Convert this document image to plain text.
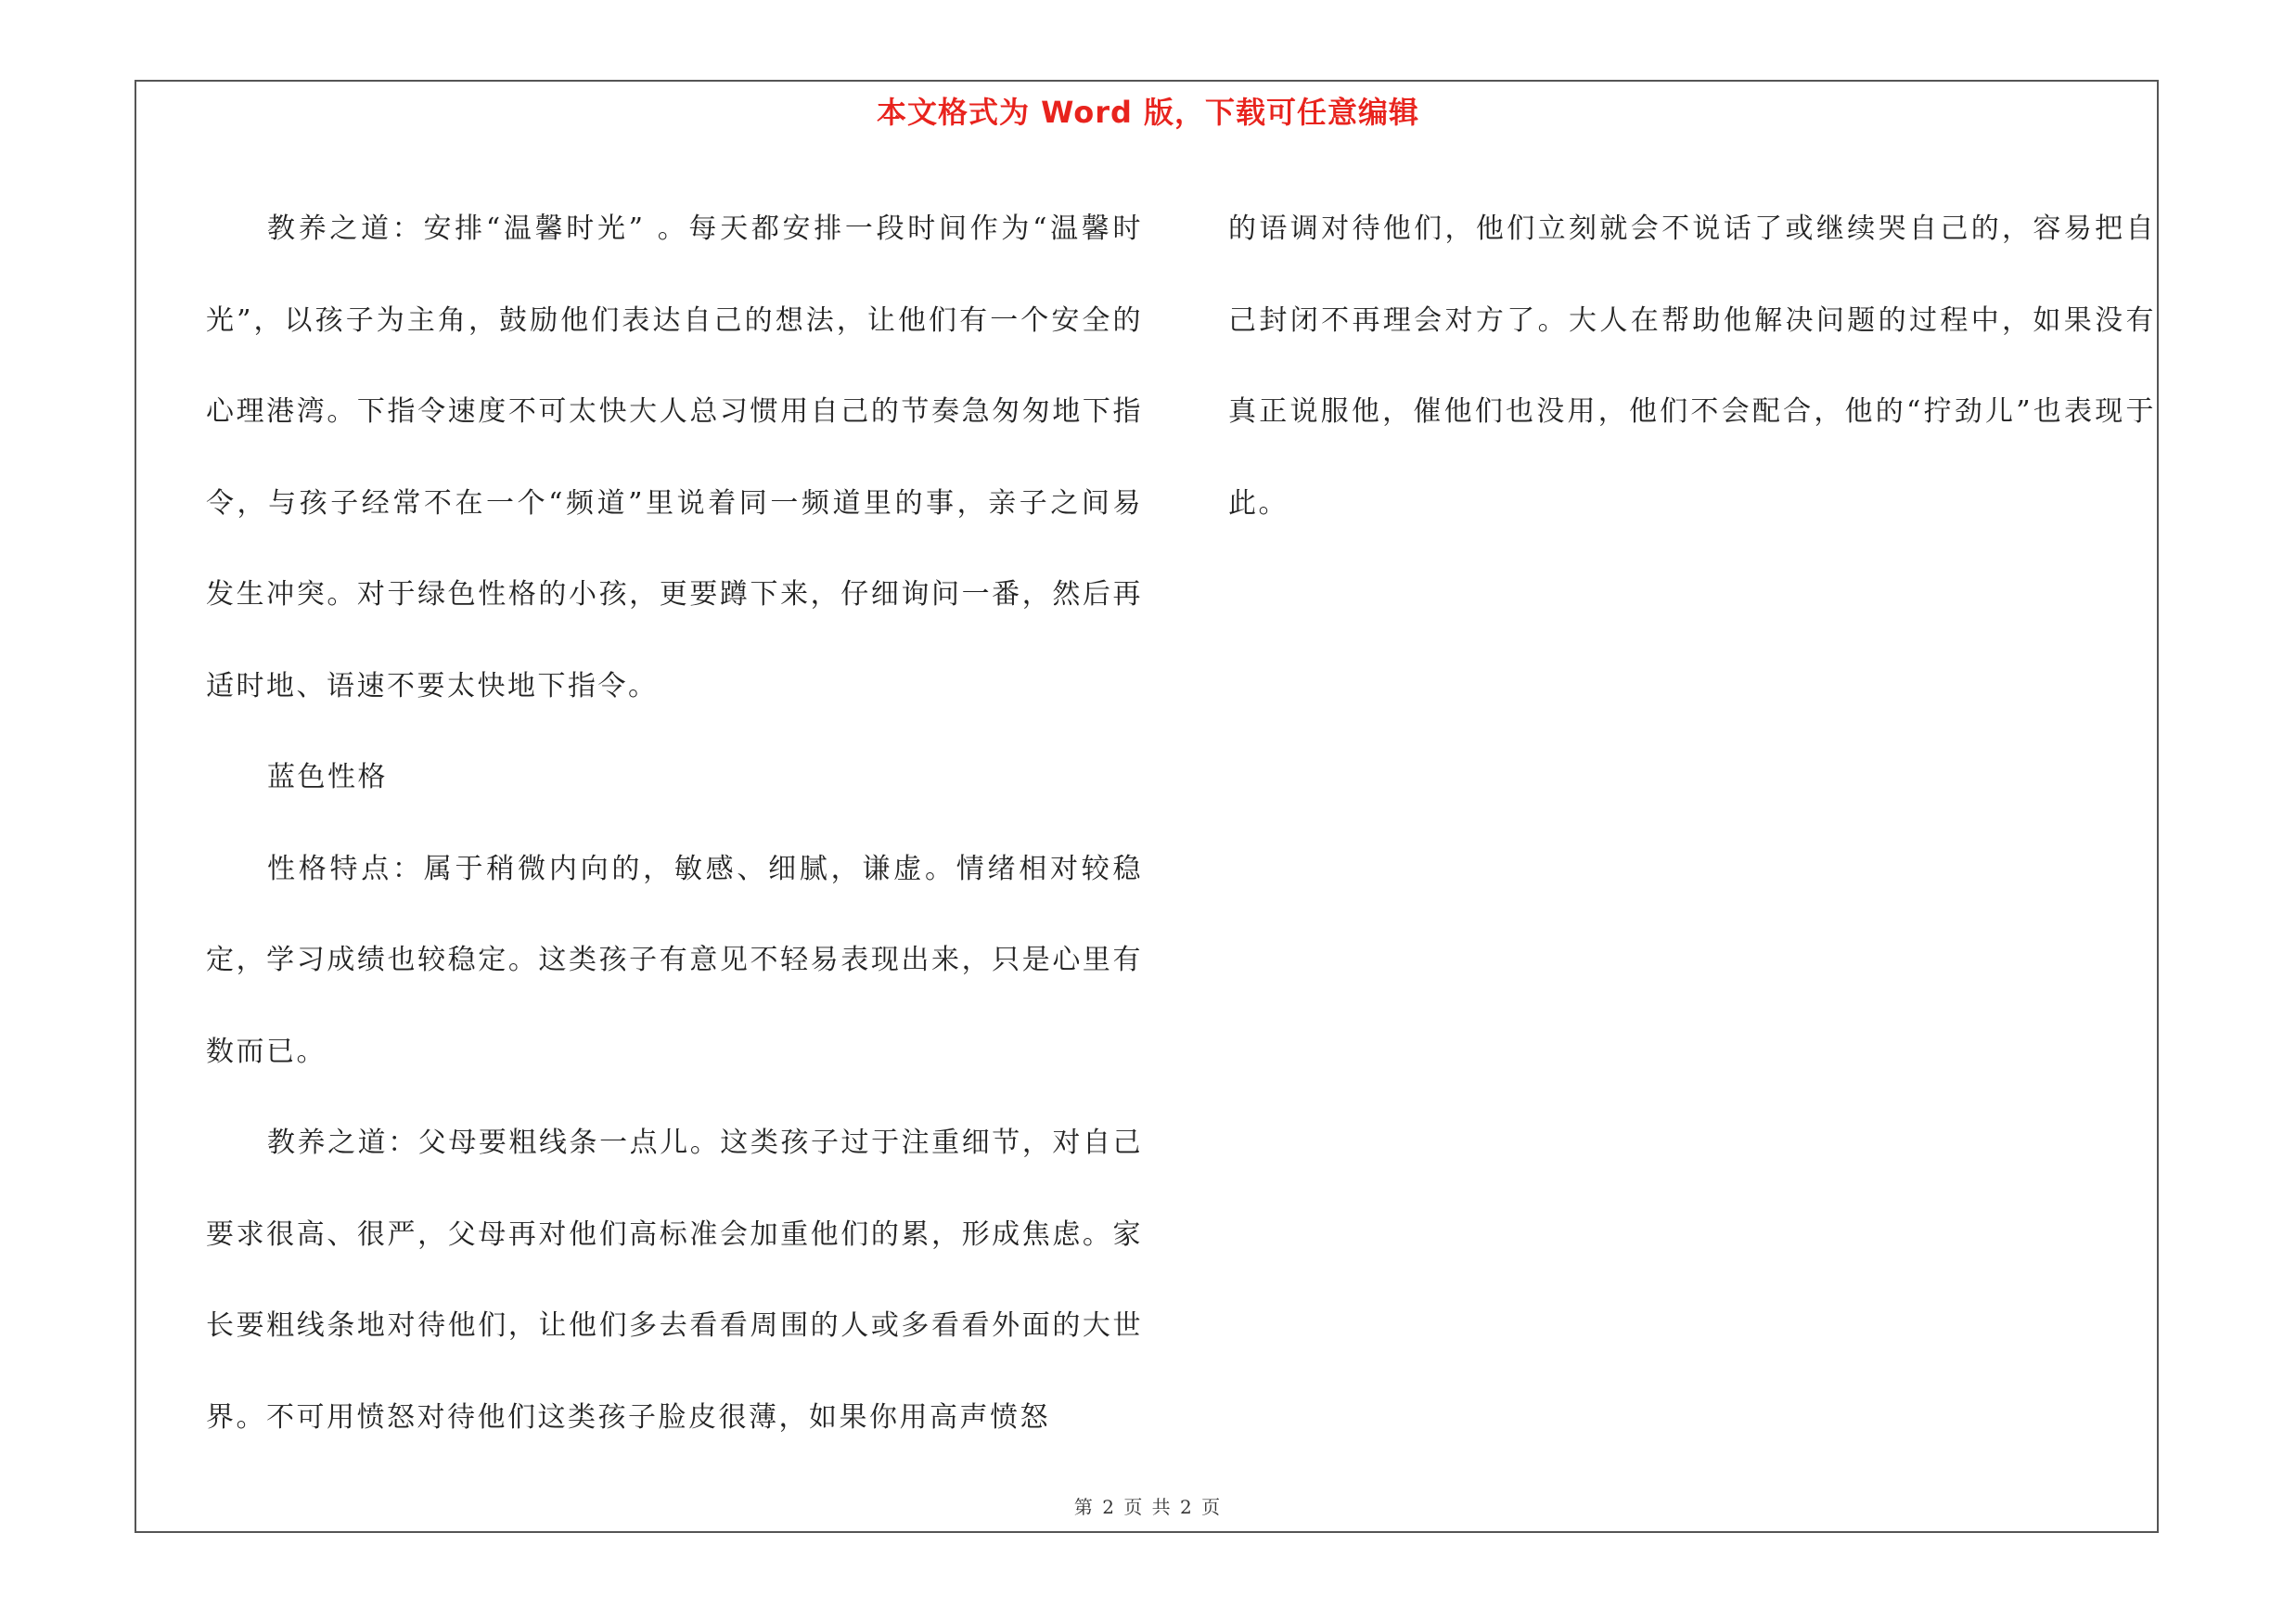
本文格式为 Word 版，下载可任意编辑

教养之道：安排“温馨时光” 。每天都安排一段时间作为“温馨时光”，以孩子为主角，鼓励他们表达自己的想法，让他们有一个安全的心理港湾。下指令速度不可太快大人总习惯用自己的节奏急匆匆地下指令，与孩子经常不在一个“频道”里说着同一频道里的事，亲子之间易发生冲突。对于绿色性格的小孩，更要蹲下来，仔细询问一番，然后再适时地、语速不要太快地下指令。

蓝色性格

性格特点：属于稍微内向的，敏感、细腻，谦虚。情绪相对较稳定，学习成绩也较稳定。这类孩子有意见不轻易表现出来，只是心里有数而已。

教养之道：父母要粗线条一点儿。这类孩子过于注重细节，对自己要求很高、很严，父母再对他们高标准会加重他们的累，形成焦虑。家长要粗线条地对待他们，让他们多去看看周围的人或多看看外面的大世界。不可用愤怒对待他们这类孩子脸皮很薄，如果你用高声愤怒

的语调对待他们，他们立刻就会不说话了或继续哭自己的，容易把自己封闭不再理会对方了。大人在帮助他解决问题的过程中，如果没有真正说服他，催他们也没用，他们不会配合，他的“拧劲儿”也表现于此。

第 2 页 共 2 页
